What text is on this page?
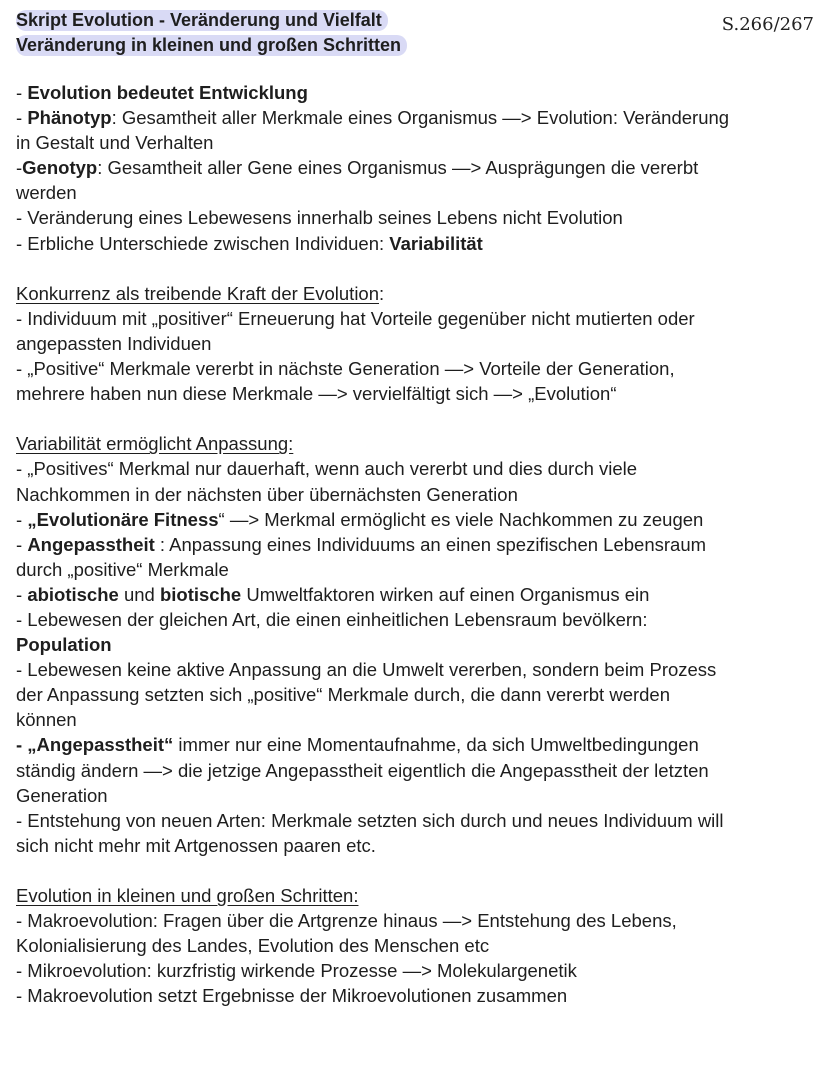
Skript Evolution - Veränderung und Vielfalt
Veränderung in kleinen und großen Schritten
S.266/267
- Evolution bedeutet Entwicklung
- Phänotyp: Gesamtheit aller Merkmale eines Organismus —> Evolution: Veränderung
in Gestalt und Verhalten
-Genotyp: Gesamtheit aller Gene eines Organismus —> Ausprägungen die vererbt
werden
- Veränderung eines Lebewesens innerhalb seines Lebens nicht Evolution
- Erbliche Unterschiede zwischen Individuen: Variabilität
Konkurrenz als treibende Kraft der Evolution:
- Individuum mit „positiver“ Erneuerung hat Vorteile gegenüber nicht mutierten oder
angepassten Individuen
- „Positive“ Merkmale vererbt in nächste Generation —> Vorteile der Generation,
mehrere haben nun diese Merkmale —> vervielfältigt sich —> „Evolution“
Variabilität ermöglicht Anpassung:
- „Positives“ Merkmal nur dauerhaft, wenn auch vererbt und dies durch viele
Nachkommen in der nächsten über übernächsten Generation
- „Evolutionäre Fitness“ —> Merkmal ermöglicht es viele Nachkommen zu zeugen
- Angepasstheit : Anpassung eines Individuums an einen spezifischen Lebensraum
durch „positive“ Merkmale
- abiotische und biotische Umweltfaktoren wirken auf einen Organismus ein
- Lebewesen der gleichen Art, die einen einheitlichen Lebensraum bevölkern:
Population
- Lebewesen keine aktive Anpassung an die Umwelt vererben, sondern beim Prozess
der Anpassung setzten sich „positive“ Merkmale durch, die dann vererbt werden
können
- „Angepasstheit“ immer nur eine Momentaufnahme, da sich Umweltbedingungen
ständig ändern —> die jetzige Angepasstheit eigentlich die Angepasstheit der letzten
Generation
- Entstehung von neuen Arten: Merkmale setzten sich durch und neues Individuum will
sich nicht mehr mit Artgenossen paaren etc.
Evolution in kleinen und großen Schritten:
- Makroevolution: Fragen über die Artgrenze hinaus —> Entstehung des Lebens,
Kolonialisierung des Landes, Evolution des Menschen etc
- Mikroevolution: kurzfristig wirkende Prozesse —> Molekulargenetik
- Makroevolution setzt Ergebnisse der Mikroevolutionen zusammen
